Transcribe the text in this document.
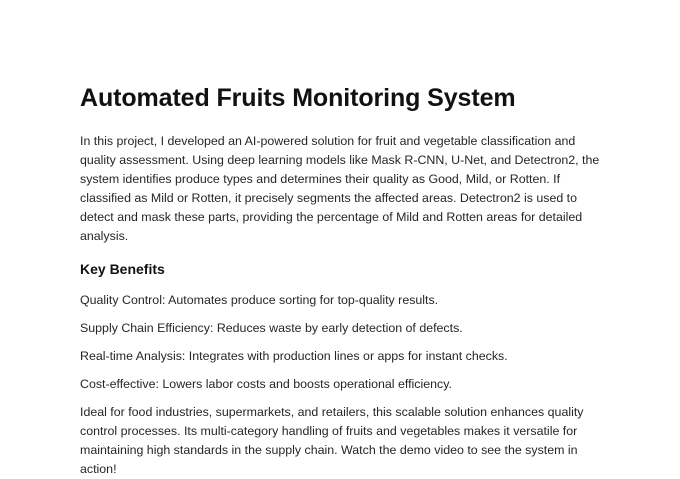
Automated Fruits Monitoring System

In this project, I developed an AI-powered solution for fruit and vegetable classification and quality assessment. Using deep learning models like Mask R-CNN, U-Net, and Detectron2, the system identifies produce types and determines their quality as Good, Mild, or Rotten. If classified as Mild or Rotten, it precisely segments the affected areas. Detectron2 is used to detect and mask these parts, providing the percentage of Mild and Rotten areas for detailed analysis.

Key Benefits

Quality Control: Automates produce sorting for top-quality results.

Supply Chain Efficiency: Reduces waste by early detection of defects.

Real-time Analysis: Integrates with production lines or apps for instant checks.

Cost-effective: Lowers labor costs and boosts operational efficiency.

Ideal for food industries, supermarkets, and retailers, this scalable solution enhances quality control processes. Its multi-category handling of fruits and vegetables makes it versatile for maintaining high standards in the supply chain. Watch the demo video to see the system in action!
